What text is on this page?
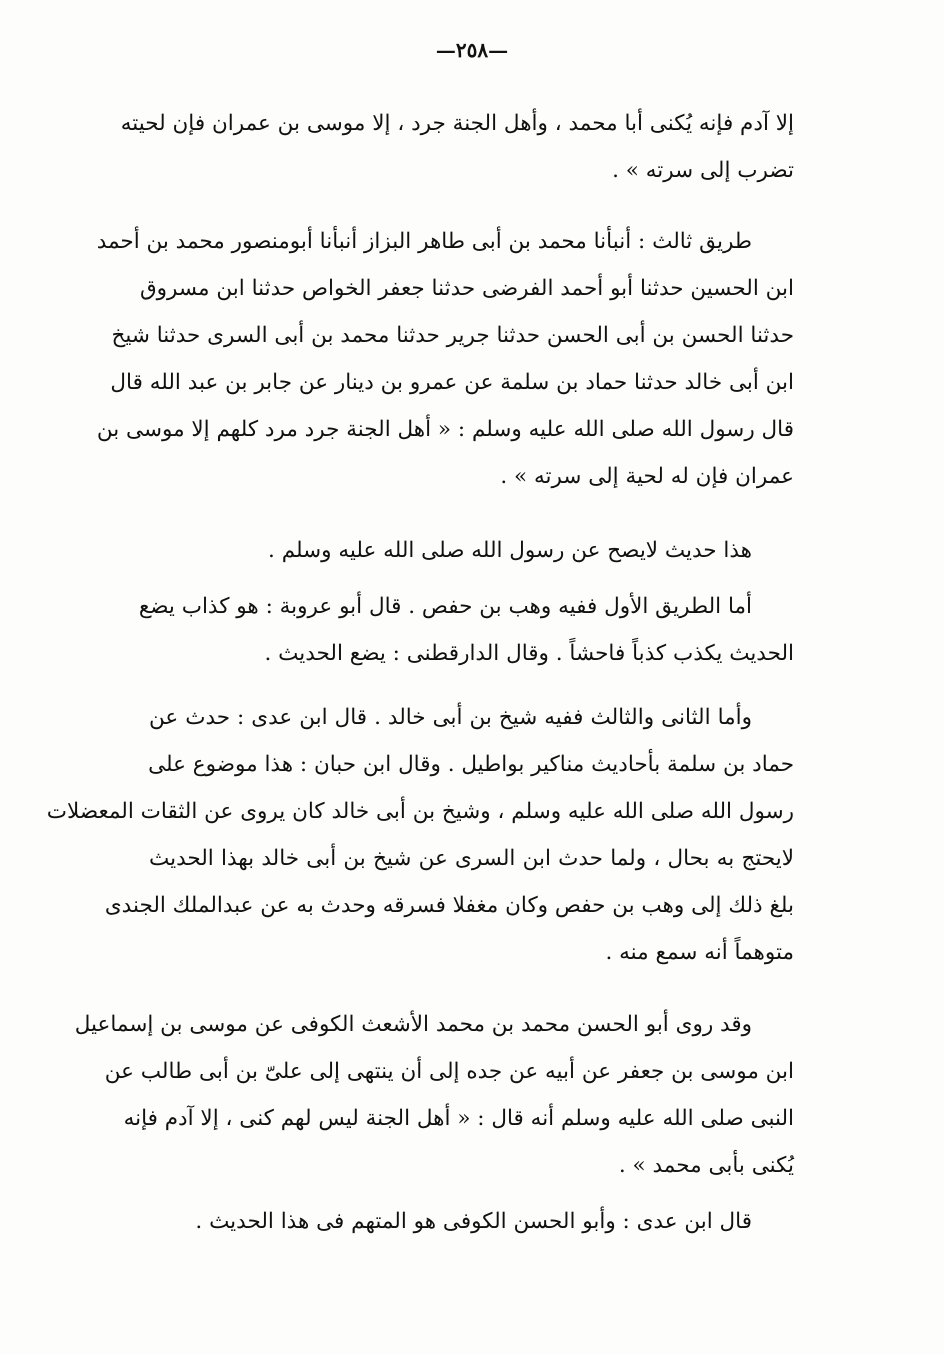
—٢٥٨—
إلا آدم فإنه يُكنى أبا محمد ، وأهل الجنة جرد ، إلا موسى بن عمران فإن لحيته
تضرب إلى سرته » .
طريق ثالث : أنبأنا محمد بن أبى طاهر البزاز أنبأنا أبومنصور محمد بن أحمد
ابن الحسين حدثنا أبو أحمد الفرضى حدثنا جعفر الخواص حدثنا ابن مسروق
حدثنا الحسن بن أبى الحسن حدثنا جرير حدثنا محمد بن أبى السرى حدثنا شيخ
ابن أبى خالد حدثنا حماد بن سلمة عن عمرو بن دينار عن جابر بن عبد الله قال
قال رسول الله صلى الله عليه وسلم : « أهل الجنة جرد مرد كلهم إلا موسى بن
عمران فإن له لحية إلى سرته » .
هذا حديث لايصح عن رسول الله صلى الله عليه وسلم .
أما الطريق الأول ففيه وهب بن حفص . قال أبو عروبة : هو كذاب يضع
الحديث يكذب كذباً فاحشاً . وقال الدارقطنى : يضع الحديث .
وأما الثانى والثالث ففيه شيخ بن أبى خالد . قال ابن عدى : حدث عن
حماد بن سلمة بأحاديث مناكير بواطيل . وقال ابن حبان : هذا موضوع على
رسول الله صلى الله عليه وسلم ، وشيخ بن أبى خالد كان يروى عن الثقات المعضلات
لايحتج به بحال ، ولما حدث ابن السرى عن شيخ بن أبى خالد بهذا الحديث
بلغ ذلك إلى وهب بن حفص وكان مغفلا فسرقه وحدث به عن عبدالملك الجندى
متوهماً أنه سمع منه .
وقد روى أبو الحسن محمد بن محمد الأشعث الكوفى عن موسى بن إسماعيل
ابن موسى بن جعفر عن أبيه عن جده إلى أن ينتهى إلى علىّ بن أبى طالب عن
النبى صلى الله عليه وسلم أنه قال : « أهل الجنة ليس لهم كنى ، إلا آدم فإنه
يُكنى بأبى محمد » .
قال ابن عدى : وأبو الحسن الكوفى هو المتهم فى هذا الحديث .
